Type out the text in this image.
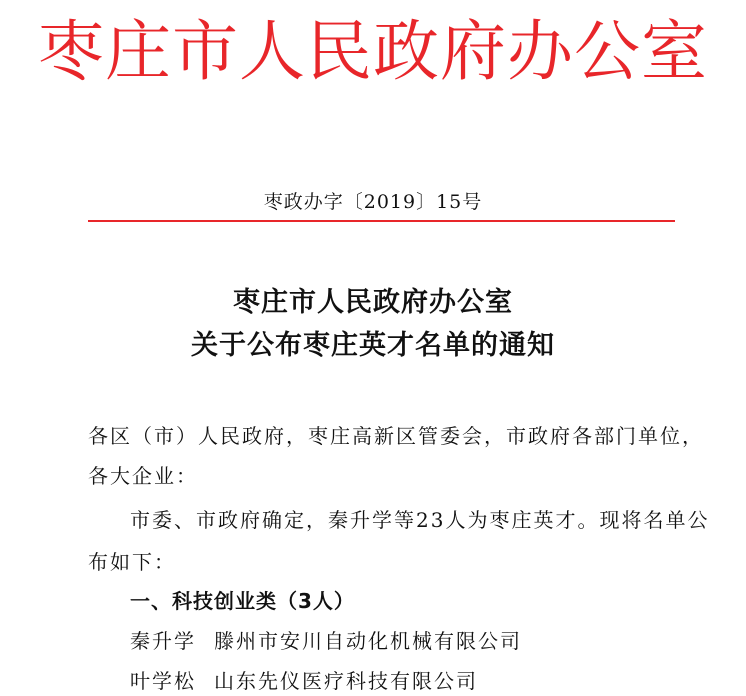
枣庄市人民政府办公室
枣政办字〔2019〕15号
枣庄市人民政府办公室
关于公布枣庄英才名单的通知
各区（市）人民政府，枣庄高新区管委会，市政府各部门单位，
各大企业：
市委、市政府确定，秦升学等23人为枣庄英才。现将名单公
布如下：
一、科技创业类（3人）
秦升学 滕州市安川自动化机械有限公司
叶学松 山东先仪医疗科技有限公司
